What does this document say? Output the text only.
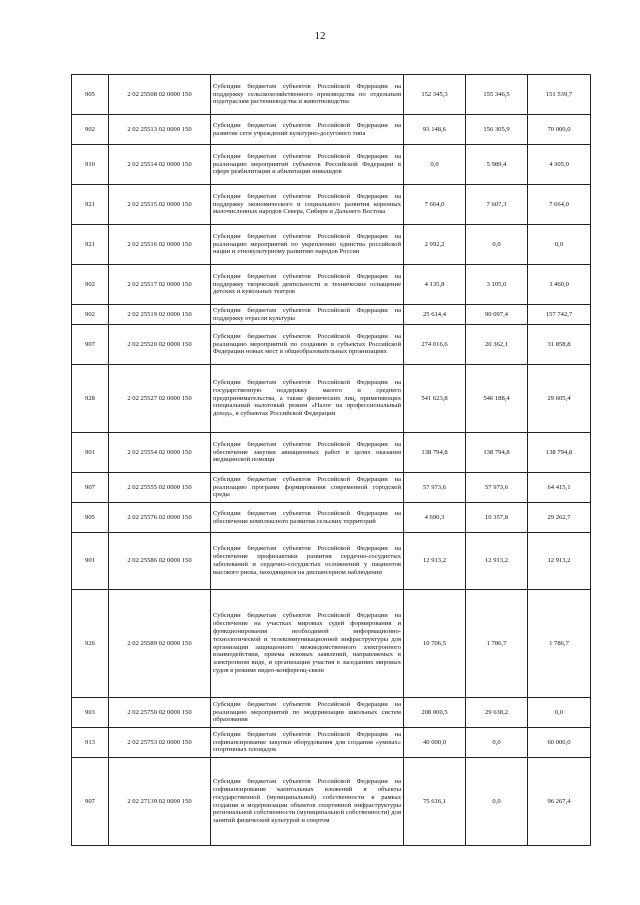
12
905	2 02 25508 02 0000 150	Субсидии бюджетам субъектов Российской Федерации на поддержку сельскохозяйственного производства по отдельным подотраслям растениеводства и животноводства	152 345,3	155 346,5	151 539,7
902	2 02 25513 02 0000 150	Субсидии бюджетам субъектов Российской Федерации на развитие сети учреждений культурно-досугового типа	93 148,6	156 305,9	70 000,0
910	2 02 25514 02 0000 150	Субсидии бюджетам субъектов Российской Федерации на реализацию мероприятий субъектов Российской Федерации в сфере реабилитации и абилитации инвалидов	0,0	5 989,4	4 305,0
921	2 02 25515 02 0000 150	Субсидии бюджетам субъектов Российской Федерации на поддержку экономического и социального развития коренных малочисленных народов Севера, Сибири и Дальнего Востока	7 664,0	7 607,3	7 664,0
921	2 02 25516 02 0000 150	Субсидии бюджетам субъектов Российской Федерации на реализацию мероприятий по укреплению единства российской нации и этнокультурному развитию народов России	2 992,2	0,0	0,0
902	2 02 25517 02 0000 150	Субсидии бюджетам субъектов Российской Федерации на поддержку творческой деятельности и техническое оснащение детских и кукольных театров	4 135,8	3 105,0	3 460,0
902	2 02 25519 02 0000 150	Субсидии бюджетам субъектов Российской Федерации на поддержку отрасли культуры	25 614,4	90 097,4	157 742,7
907	2 02 25520 02 0000 150	Субсидии бюджетам субъектов Российской Федерации на реализацию мероприятий по созданию в субъектах Российской Федерации новых мест в общеобразовательных организациях	274 016,6	20 362,1	31 858,8
928	2 02 25527 02 0000 150	Субсидии бюджетам субъектов Российской Федерации на государственную поддержку малого и среднего предпринимательства, а также физических лиц, применяющих специальный налоговый режим «Налог на профессиональный доход», в субъектах Российской Федерации	541 623,8	546 188,4	29 605,4
901	2 02 25554 02 0000 150	Субсидии бюджетам субъектов Российской Федерации на обеспечение закупки авиационных работ в целях оказания медицинской помощи	138 794,8	138 794,8	138 794,8
907	2 02 25555 02 0000 150	Субсидии бюджетам субъектов Российской Федерации на реализацию программ формирования современной городской среды	57 973,6	57 973,6	64 415,1
905	2 02 25576 02 0000 150	Субсидии бюджетам субъектов Российской Федерации на обеспечение комплексного развития сельских территорий	4 690,3	10 357,8	29 262,7
901	2 02 25586 02 0000 150	Субсидии бюджетам субъектов Российской Федерации на обеспечение профилактики развития сердечно-сосудистых заболеваний и сердечно-сосудистых осложнений у пациентов высокого риска, находящихся на диспансерном наблюдении	12 913,2	12 913,2	12 913,2
926	2 02 25589 02 0000 150	Субсидии бюджетам субъектов Российской Федерации на обеспечение на участках мировых судей формирования и функционирования необходимой информационно-технологической и телекоммуникационной инфраструктуры для организации защищенного межведомственного электронного взаимодействия, приема исковых заявлений, направляемых в электронном виде, и организации участия в заседаниях мировых судов в режиме видео-конференц-связи	10 706,5	1 786,7	1 786,7
903	2 02 25750 02 0000 150	Субсидии бюджетам субъектов Российской Федерации на реализацию мероприятий по модернизации школьных систем образования	208 000,5	29 638,2	0,0
913	2 02 25753 02 0000 150	Субсидии бюджетам субъектов Российской Федерации на софинансирование закупки оборудования для создания «умных» спортивных площадок	40 000,0	0,0	60 000,0
907	2 02 27139 02 0000 150	Субсидии бюджетам субъектов Российской Федерации на софинансирование капитальных вложений в объекты государственной (муниципальной) собственности в рамках создания и модернизации объектов спортивной инфраструктуры региональной собственности (муниципальной собственности) для занятий физической культурой и спортом	75 616,1	0,0	96 267,4
